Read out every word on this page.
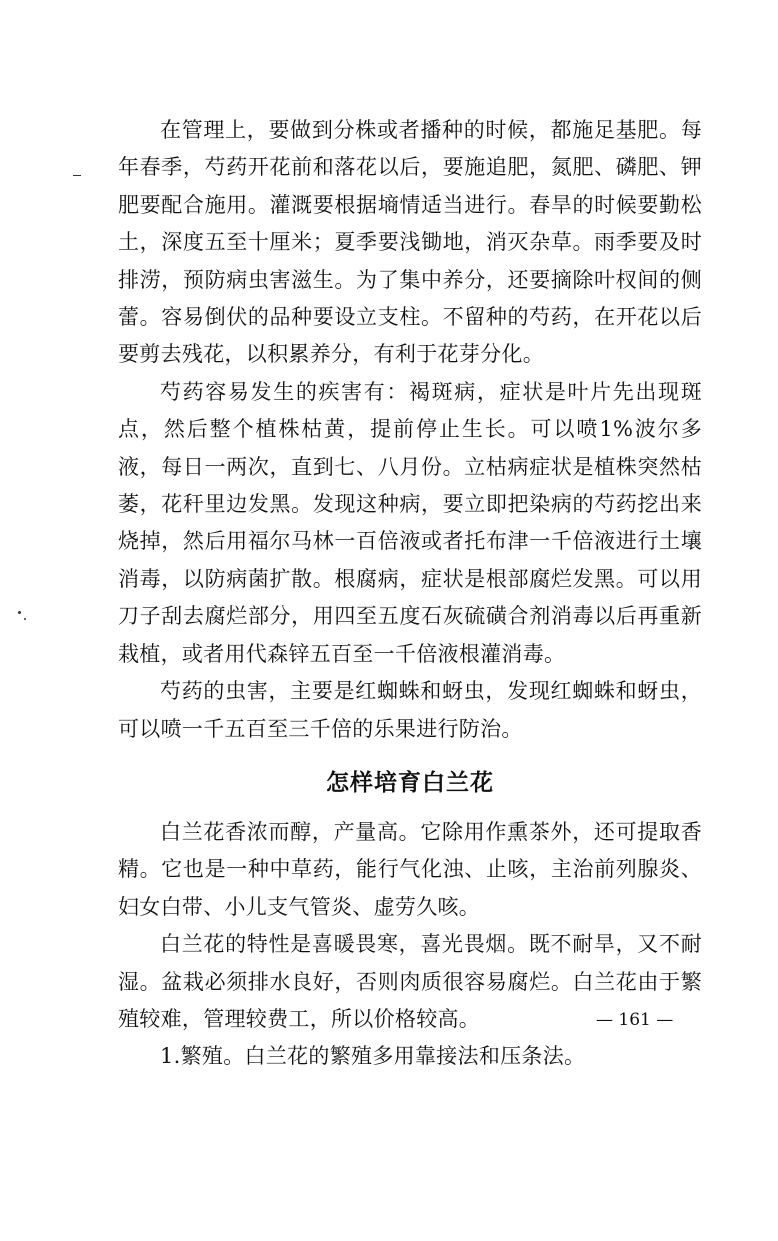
在管理上，要做到分株或者播种的时候，都施足基肥。每年春季，芍药开花前和落花以后，要施追肥，氮肥、磷肥、钾肥要配合施用。灌溉要根据墒情适当进行。春旱的时候要勤松土，深度五至十厘米；夏季要浅锄地，消灭杂草。雨季要及时排涝，预防病虫害滋生。为了集中养分，还要摘除叶杈间的侧蕾。容易倒伏的品种要设立支柱。不留种的芍药，在开花以后要剪去残花，以积累养分，有利于花芽分化。

芍药容易发生的疾害有：褐斑病，症状是叶片先出现斑点，然后整个植株枯黄，提前停止生长。可以喷1%波尔多液，每日一两次，直到七、八月份。立枯病症状是植株突然枯萎，花秆里边发黑。发现这种病，要立即把染病的芍药挖出来烧掉，然后用福尔马林一百倍液或者托布津一千倍液进行土壤消毒，以防病菌扩散。根腐病，症状是根部腐烂发黑。可以用刀子刮去腐烂部分，用四至五度石灰硫磺合剂消毒以后再重新栽植，或者用代森锌五百至一千倍液根灌消毒。

芍药的虫害，主要是红蜘蛛和蚜虫，发现红蜘蛛和蚜虫，可以喷一千五百至三千倍的乐果进行防治。

怎样培育白兰花

白兰花香浓而醇，产量高。它除用作熏茶外，还可提取香精。它也是一种中草药，能行气化浊、止咳，主治前列腺炎、妇女白带、小儿支气管炎、虚劳久咳。

白兰花的特性是喜暖畏寒，喜光畏烟。既不耐旱，又不耐湿。盆栽必须排水良好，否则肉质很容易腐烂。白兰花由于繁殖较难，管理较费工，所以价格较高。

1.繁殖。白兰花的繁殖多用靠接法和压条法。

— 161 —
